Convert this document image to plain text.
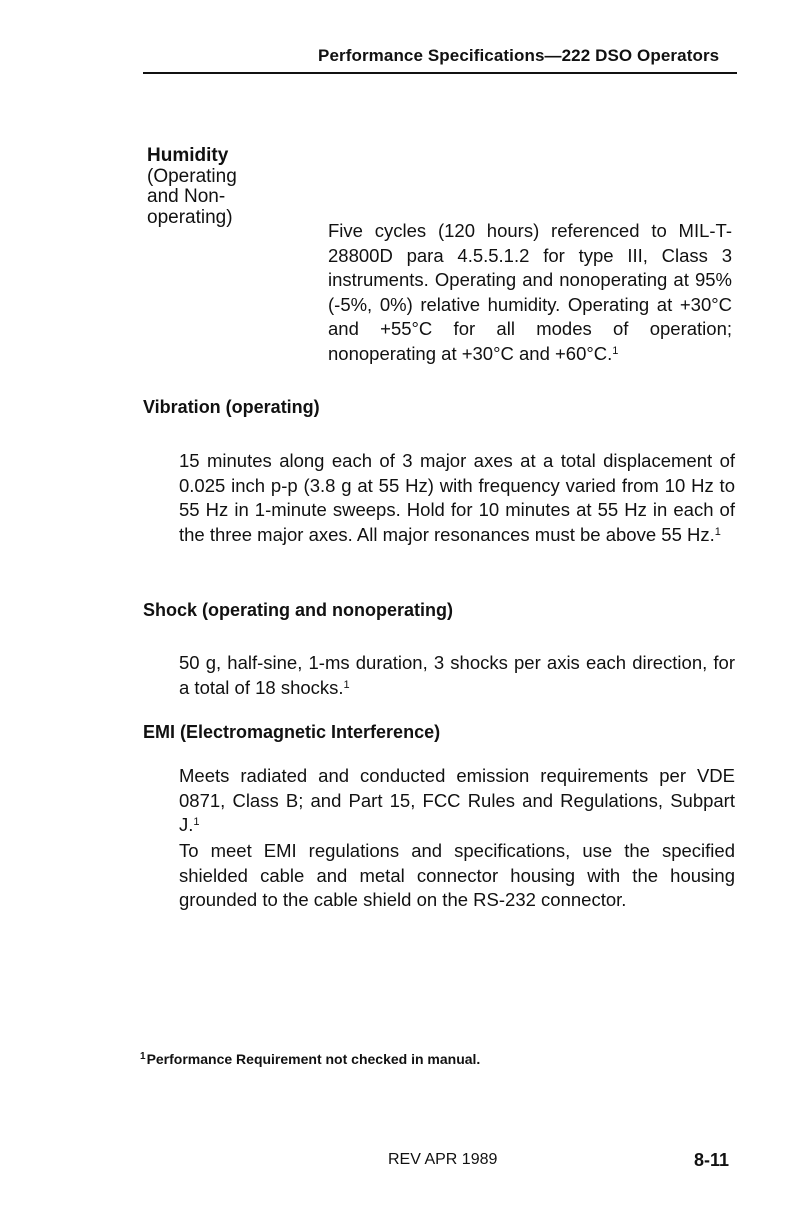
Performance Specifications—222 DSO Operators
Humidity
(Operating
and Non-
operating)
Five cycles (120 hours) referenced to MIL-T-28800D para 4.5.5.1.2 for type III, Class 3 instruments. Operating and nonoperating at 95% (-5%, 0%) relative humidity. Operating at +30°C and +55°C for all modes of operation; nonoperating at +30°C and +60°C.$^1$
Vibration (operating)
15 minutes along each of 3 major axes at a total displacement of 0.025 inch p-p (3.8 g at 55 Hz) with frequency varied from 10 Hz to 55 Hz in 1-minute sweeps. Hold for 10 minutes at 55 Hz in each of the three major axes. All major resonances must be above 55 Hz.$^1$
Shock (operating and nonoperating)
50 g, half-sine, 1-ms duration, 3 shocks per axis each direction, for a total of 18 shocks.$^1$
EMI (Electromagnetic Interference)
Meets radiated and conducted emission requirements per VDE 0871, Class B; and Part 15, FCC Rules and Regulations, Subpart J.$^1$
To meet EMI regulations and specifications, use the specified shielded cable and metal connector housing with the housing grounded to the cable shield on the RS-232 connector.
$^1$Performance Requirement not checked in manual.
REV APR 1989	8-11
